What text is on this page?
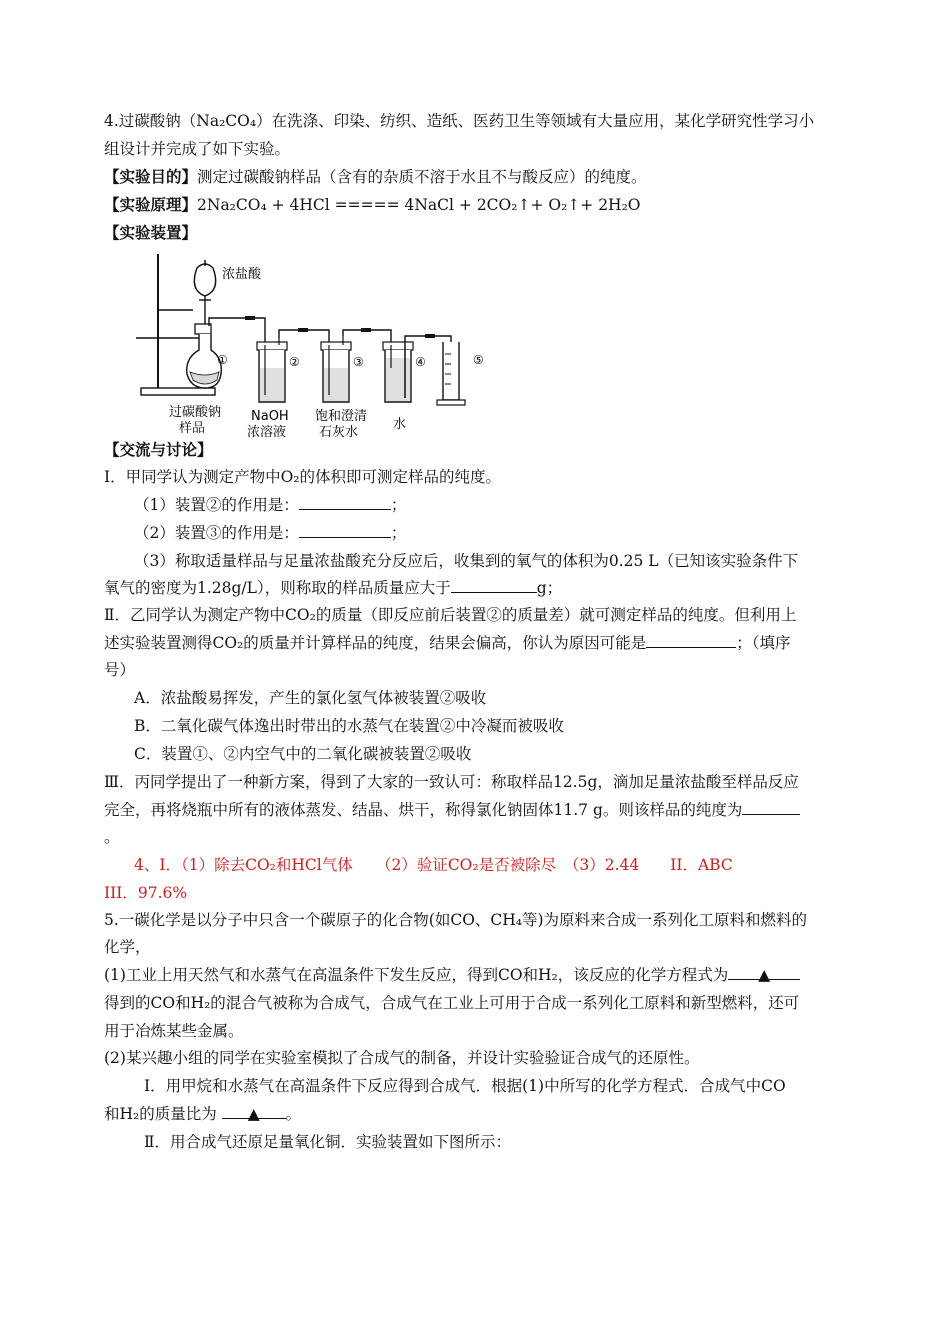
4.过碳酸钠（Na₂CO₄）在洗涤、印染、纺织、造纸、医药卫生等领域有大量应用，某化学研究性学习小
组设计并完成了如下实验。
【实验目的】测定过碳酸钠样品（含有的杂质不溶于水且不与酸反应）的纯度。
【实验原理】2Na₂CO₄ + 4HCl ===== 4NaCl + 2CO₂↑+ O₂↑+ 2H₂O
【实验装置】
浓盐酸
①	②	③	④	⑤
过碳酸钠
样品
NaOH
浓溶液
饱和澄清
石灰水
水
【交流与讨论】
Ⅰ．甲同学认为测定产物中O₂的体积即可测定样品的纯度。
（1）装置②的作用是：	；
（2）装置③的作用是：	；
（3）称取适量样品与足量浓盐酸充分反应后，收集到的氧气的体积为0.25 L（已知该实验条件下
氧气的密度为1.28g/L），则称取的样品质量应大于	g；
Ⅱ．乙同学认为测定产物中CO₂的质量（即反应前后装置②的质量差）就可测定样品的纯度。但利用上
述实验装置测得CO₂的质量并计算样品的纯度，结果会偏高，你认为原因可能是	；（填序
号）
A．浓盐酸易挥发，产生的氯化氢气体被装置②吸收
B．二氧化碳气体逸出时带出的水蒸气在装置②中冷凝而被吸收
C．装置①、②内空气中的二氧化碳被装置②吸收
Ⅲ．丙同学提出了一种新方案，得到了大家的一致认可：称取样品12.5g，滴加足量浓盐酸至样品反应
完全，再将烧瓶中所有的液体蒸发、结晶、烘干，称得氯化钠固体11.7 g。则该样品的纯度为
。
4、I．（1）除去CO₂和HCl气体　　（2）验证CO₂是否被除尽　（3）2.44　　II．ABC
III．97.6%
5.一碳化学是以分子中只含一个碳原子的化合物(如CO、CH₄等)为原料来合成一系列化工原料和燃料的
化学，
(1)工业上用天然气和水蒸气在高温条件下发生反应，得到CO和H₂，该反应的化学方程式为 ▲
得到的CO和H₂的混合气被称为合成气，合成气在工业上可用于合成一系列化工原料和新型燃料，还可
用于冶炼某些金属。
(2)某兴趣小组的同学在实验室模拟了合成气的制备，并设计实验验证合成气的还原性。
Ⅰ．用甲烷和水蒸气在高温条件下反应得到合成气．根据(1)中所写的化学方程式．合成气中CO
和H₂的质量比为 ▲ 。
Ⅱ．用合成气还原足量氧化铜．实验装置如下图所示：
